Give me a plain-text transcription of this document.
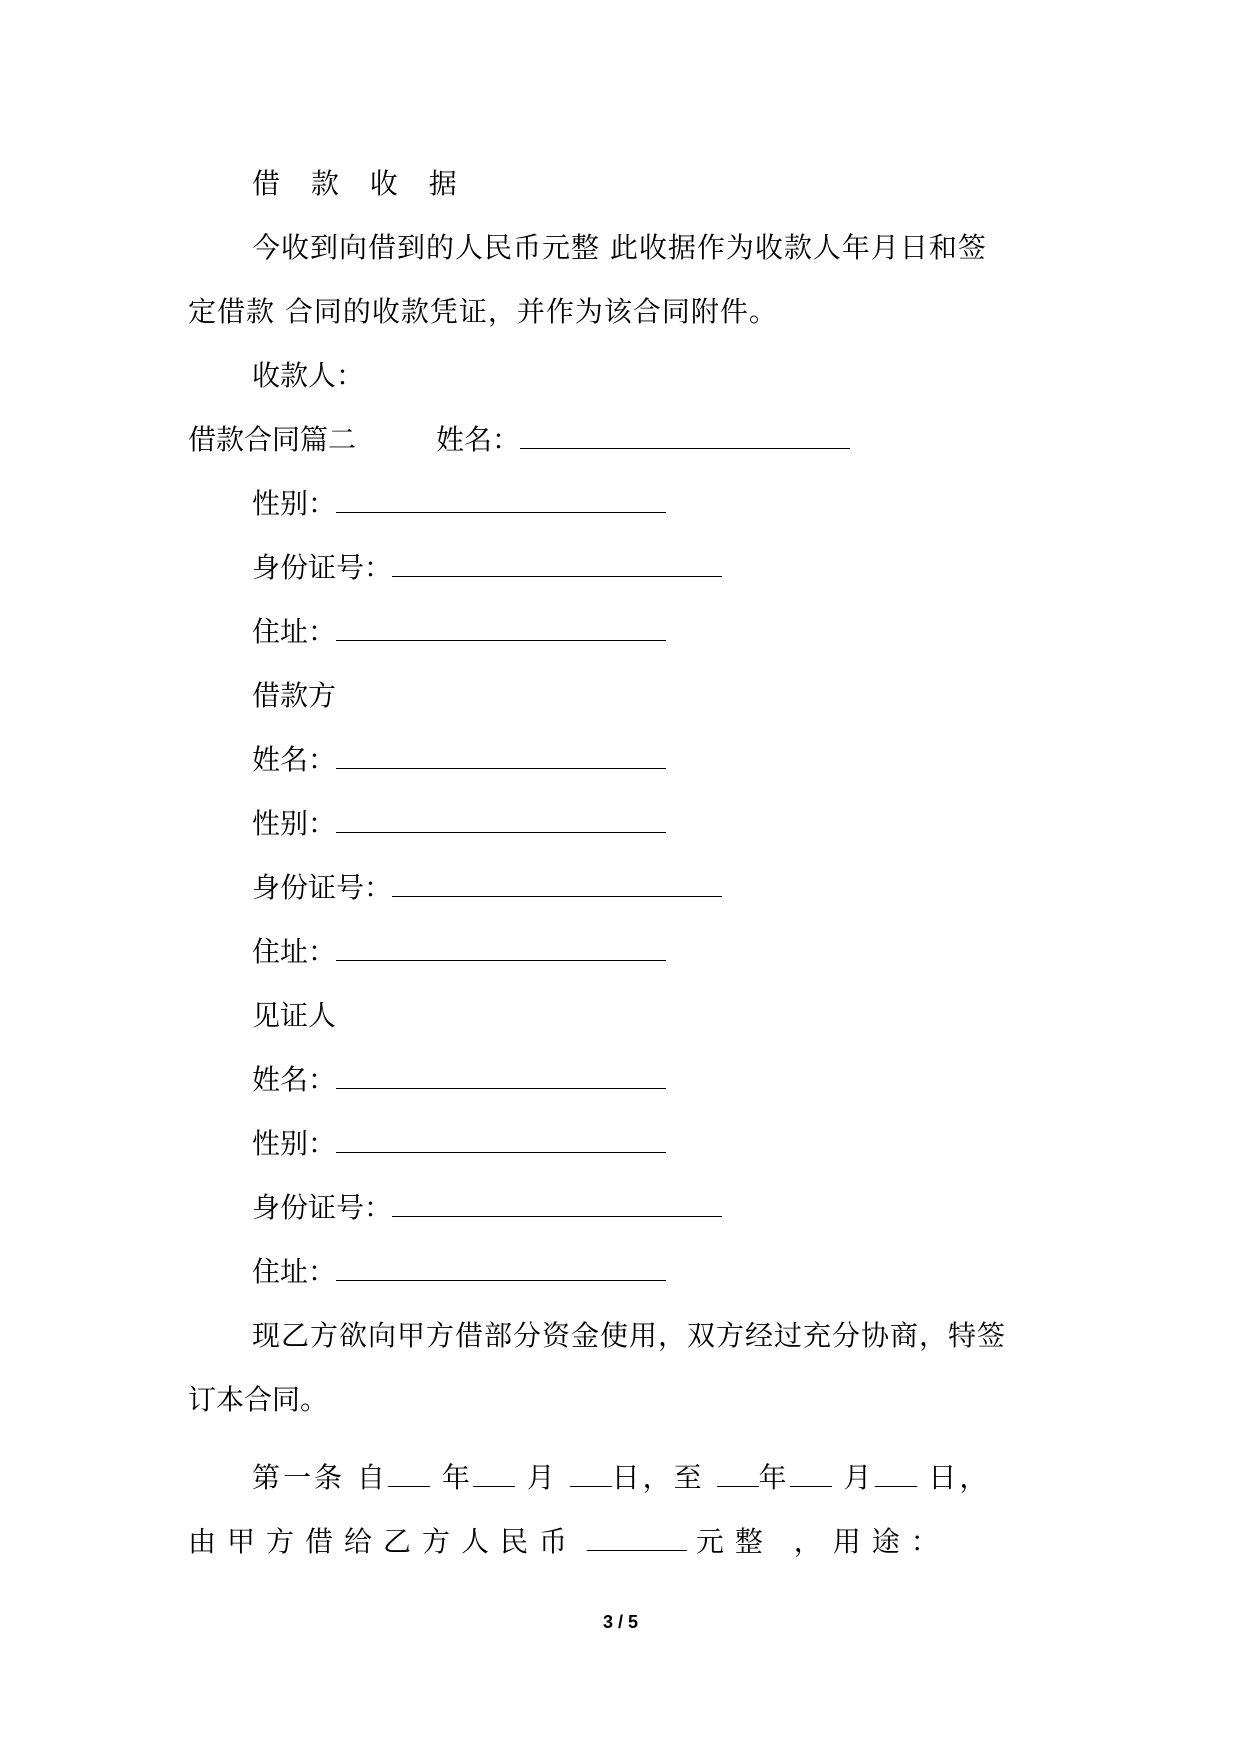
借 款 收 据
今收到向借到的人民币元整 此收据作为收款人年月日和签
定借款 合同的收款凭证，并作为该合同附件。
收款人：
借款合同篇二	姓名：
性别：
身份证号：
住址：
借款方
姓名：
性别：
身份证号：
住址：
见证人
姓名：
性别：
身份证号：
住址：
现乙方欲向甲方借部分资金使用，双方经过充分协商，特签
订本合同。
第一条 自 年 月 日，至 年 月 日，
由甲方借给乙方人民币	元整 ，用途：
3 / 5
